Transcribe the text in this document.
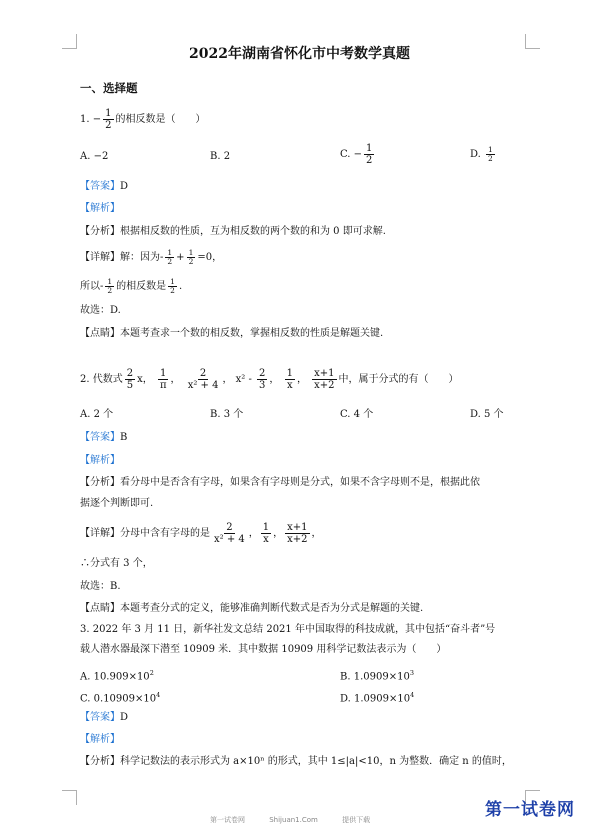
2022年湖南省怀化市中考数学真题
一、选择题
1. − $\frac{1}{2}$ 的相反数是（　　）
A. −2	B. 2	C. − $\frac{1}{2}$	D. $\frac{1}{2}$
【答案】D
【解析】
【分析】根据相反数的性质，互为相反数的两个数的和为 0 即可求解.
【详解】解：因为- $\frac{1}{2} + \frac{1}{2} =0$，
所以- $\frac{1}{2}$ 的相反数是 $\frac{1}{2}$ .
故选：D.
【点睛】本题考查求一个数的相反数，掌握相反数的性质是解题关键.
2. 代数式 $\frac{2}{5}$ x， $\frac{1}{\pi}$ ， $\frac{2}{\text{x² + 4}}$ ， $x^2 - \frac{2}{3}$ ， $\frac{1}{x}$ ， $\frac{x+1}{x+2}$ 中，属于分式的有（　　）
A. 2 个	B. 3 个	C. 4 个	D. 5 个
【答案】B
【解析】
【分析】看分母中是否含有字母，如果含有字母则是分式，如果不含字母则不是，根据此依
据逐个判断即可.
【详解】分母中含有字母的是 $\frac{2}{\text{x² + 4}}$ ， $\frac{1}{x}$ ， $\frac{x+1}{x+2}$ ，
∴分式有 3 个，
故选：B.
【点睛】本题考查分式的定义，能够准确判断代数式是否为分式是解题的关键.
3. 2022 年 3 月 11 日，新华社发文总结 2021 年中国取得的科技成就，其中包括“奋斗者”号
载人潜水器最深下潜至 10909 米．其中数据 10909 用科学记数法表示为（　　）
A. $10.909\times 10^2$	B. $1.0909\times 10^3$
C. $0.10909\times 10^4$	D. $1.0909\times 10^4$
【答案】D
【解析】
【分析】科学记数法的表示形式为 a×10ⁿ 的形式，其中 1≤|a|<10，n 为整数．确定 n 的值时，
第一试卷网	Shijuan1.Com	提供下载	第一试卷网
